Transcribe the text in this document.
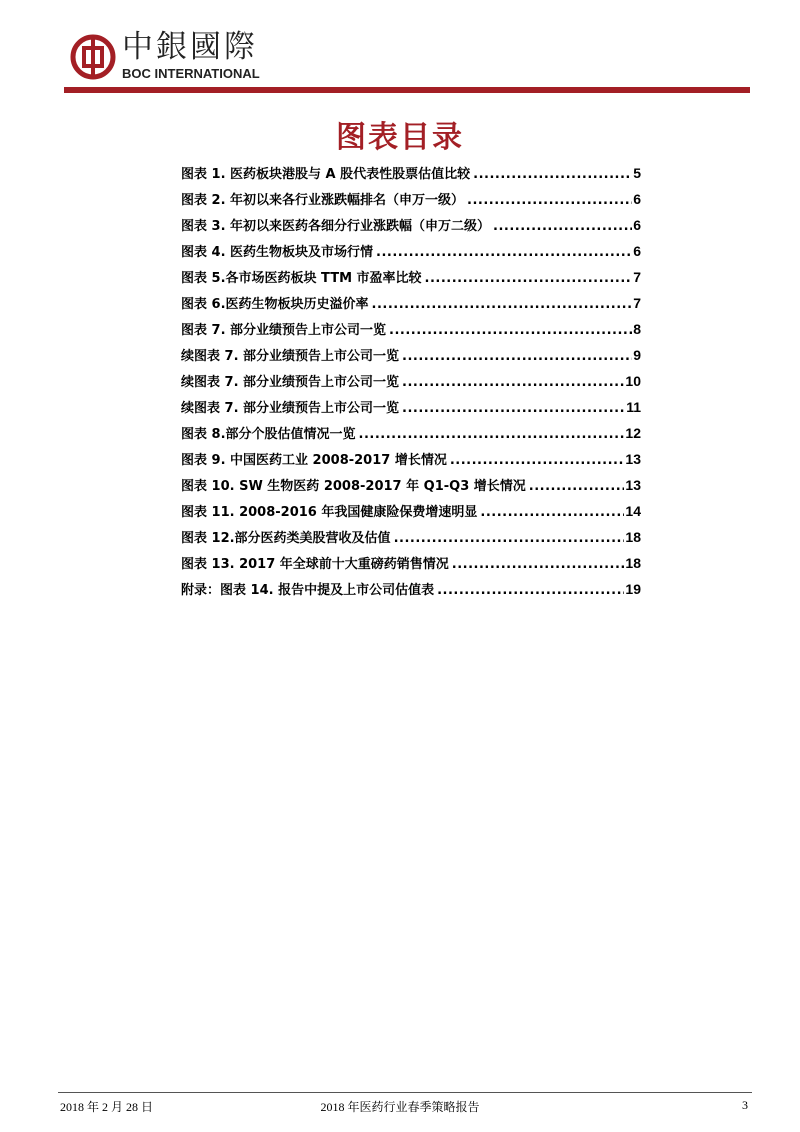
中銀國際
BOC INTERNATIONAL
图表目录
图表 1. 医药板块港股与 A 股代表性股票估值比较 .....	5
图表 2. 年初以来各行业涨跌幅排名（申万一级） .....	6
图表 3. 年初以来医药各细分行业涨跌幅（申万二级） .....	6
图表 4. 医药生物板块及市场行情 .....	6
图表 5.各市场医药板块 TTM 市盈率比较 .....	7
图表 6.医药生物板块历史溢价率 .....	7
图表 7. 部分业绩预告上市公司一览 .....	8
续图表 7. 部分业绩预告上市公司一览 .....	9
续图表 7. 部分业绩预告上市公司一览 .....	10
续图表 7. 部分业绩预告上市公司一览 .....	11
图表 8.部分个股估值情况一览 .....	12
图表 9. 中国医药工业 2008-2017 增长情况 .....	13
图表 10. SW 生物医药 2008-2017 年 Q1-Q3 增长情况 .....	13
图表 11. 2008-2016 年我国健康险保费增速明显 .....	14
图表 12.部分医药类美股营收及估值 .....	18
图表 13. 2017 年全球前十大重磅药销售情况 .....	18
附录：图表 14. 报告中提及上市公司估值表 .....	19
2018 年 2 月 28 日	2018 年医药行业春季策略报告	3
